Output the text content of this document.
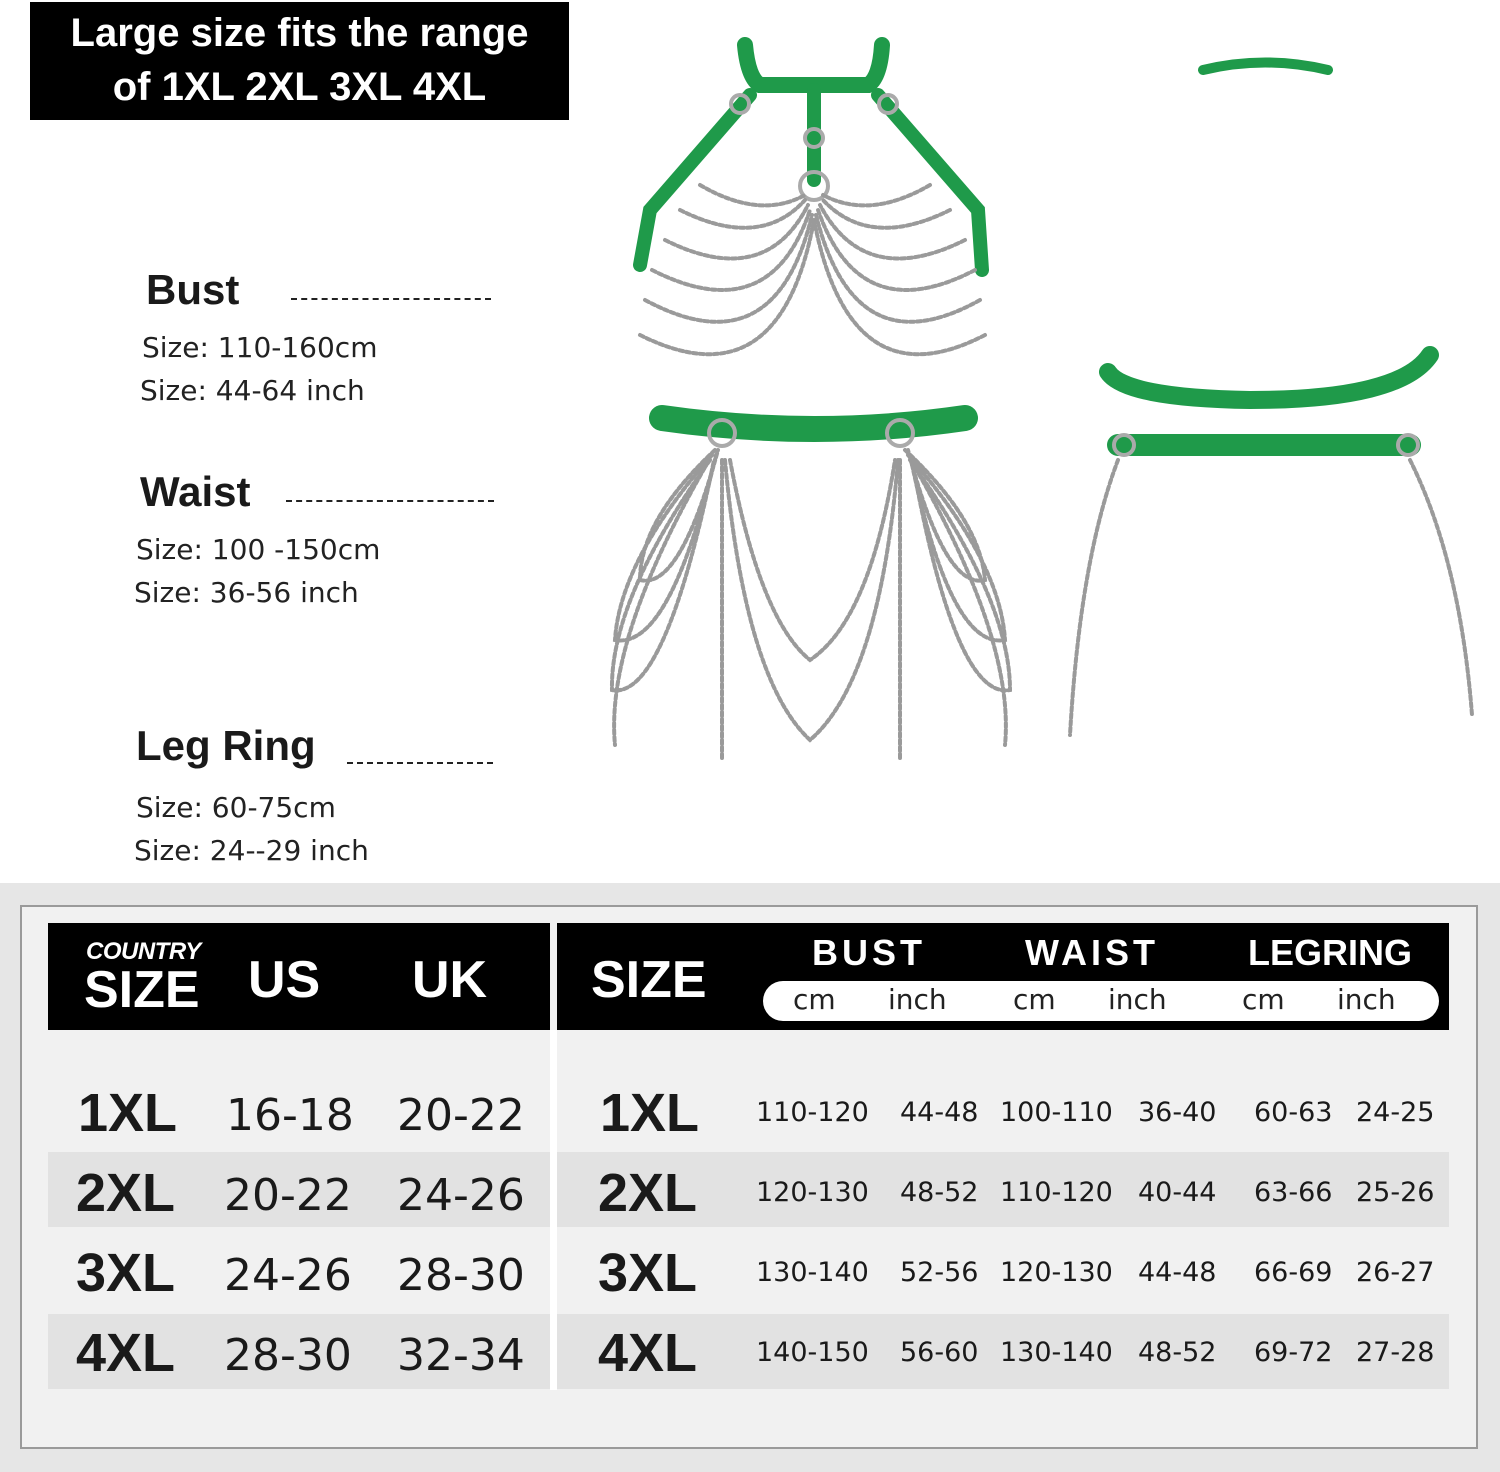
Large size fits the range
of 1XL 2XL 3XL 4XL
Bust
Size: 110-160cm
Size: 44-64 inch
Waist
Size: 100 -150cm
Size: 36-56 inch
Leg Ring
Size: 60-75cm
Size: 24--29 inch
COUNTRY
SIZE US UK SIZE	BUST	WAIST LEGRING
cm inch cm inch	cm inch
1XL 16-18 20-22 1XL 110-120 44-48 100-110 36-40 60-63 24-25
2XL 20-22 24-26 2XL 120-130 48-52 110-120 40-44 63-66 25-26
3XL 24-26 28-30 3XL 130-140 52-56 120-130 44-48 66-69 26-27
4XL 28-30 32-34 4XL 140-150 56-60 130-140 48-52 69-72 27-28
